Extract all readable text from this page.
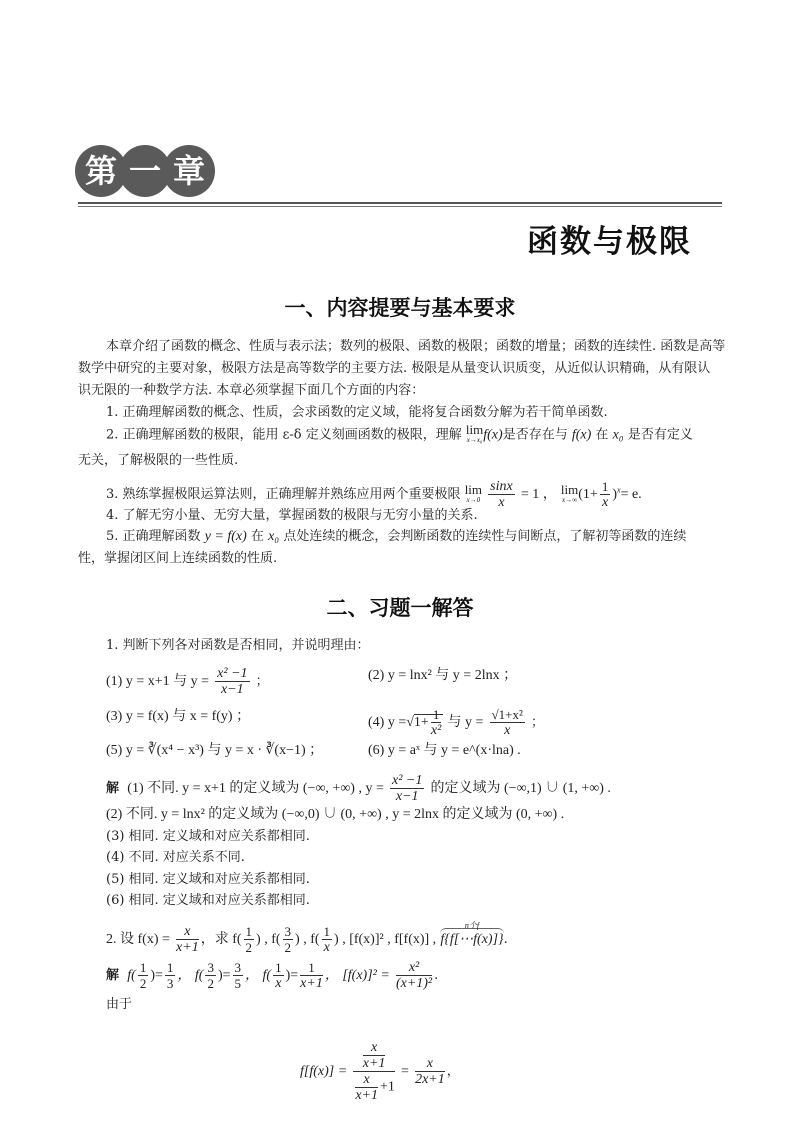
第 一 章
函数与极限
一、内容提要与基本要求
本章介绍了函数的概念、性质与表示法；数列的极限、函数的极限；函数的增量；函数的连续性. 函数是高等
数学中研究的主要对象，极限方法是高等数学的主要方法. 极限是从量变认识质变，从近似认识精确，从有限认
识无限的一种数学方法. 本章必须掌握下面几个方面的内容：
1. 正确理解函数的概念、性质，会求函数的定义域，能将复合函数分解为若干简单函数.
2. 正确理解函数的极限，能用 ε-δ 定义刻画函数的极限，理解 lim
x→x₀ f(x)是否存在与 f(x) 在 x₀ 是否有定义
无关，了解极限的一些性质.
3. 熟练掌握极限运算法则，正确理解并熟练应用两个重要极限 lim
x→0
$\frac{\sin x}{x} = 1$ ， lim
x→∞ $(1+ \frac{1}{x} )^x= e$.
4. 了解无穷小量、无穷大量，掌握函数的极限与无穷小量的关系.
5. 正确理解函数 y = f(x) 在 x₀ 点处连续的概念，会判断函数的连续性与间断点，了解初等函数的连续
性，掌握闭区间上连续函数的性质.
二、习题一解答
1. 判断下列各对函数是否相同，并说明理由：
(1) y = x+1 与 $y = \frac{\text{x² −1}}{x-1}$ ；	(2) y = lnx² 与 y = 2lnx ；
(3) y = f(x) 与 x = f(y) ；	(4) $y =√1+ \frac{1}{\text{x²}}$ 与 $y = \frac{\text{√1+x²}}{x}$ ；
(5) y = ∛(x⁴ − x³) 与 y = x · ∛(x−1) ；	(6) y = aˣ 与 y = e^(x·lna) .
解 (1) 不同. y = x+1 的定义域为 (−∞, +∞) , $y = \frac{\text{x² −1}}{x-1}$ 的定义域为 (−∞,1) ∪ (1, +∞) .
(2) 不同. y = lnx² 的定义域为 (−∞,0) ∪ (0, +∞) , y = 2lnx 的定义域为 (0, +∞) .
(3) 相同. 定义域和对应关系都相同.
(4) 不同. 对应关系不同.
(5) 相同. 定义域和对应关系都相同.
(6) 相同. 定义域和对应关系都相同.
2. 设 $f(x) = \frac{x}{x+1}$ ，求 $f( \frac{1}{2}$ ) , $f( \frac{3}{2}$ ) , $f( \frac{1}{x}$ ) , [f(x)]² , f[f(x)] ,
n个f
f{f[⋯f(x)]}.
解 $f( \frac{1}{2}$ )= $\frac{1}{3}$ ， $f( \frac{3}{2}$ )= $\frac{3}{5}$ ， $f( \frac{1}{x}$ )= $\frac{1}{x+1}$ ， $[f(x)]^2 = \frac{\text{x²}}{\text{(x+1)²}}$ .
由于
$f[f(x)] = \frac{\frac{x}{x+1}}{\frac{x}{x+1} +1} = \frac{x}{2x+1}$ ，
